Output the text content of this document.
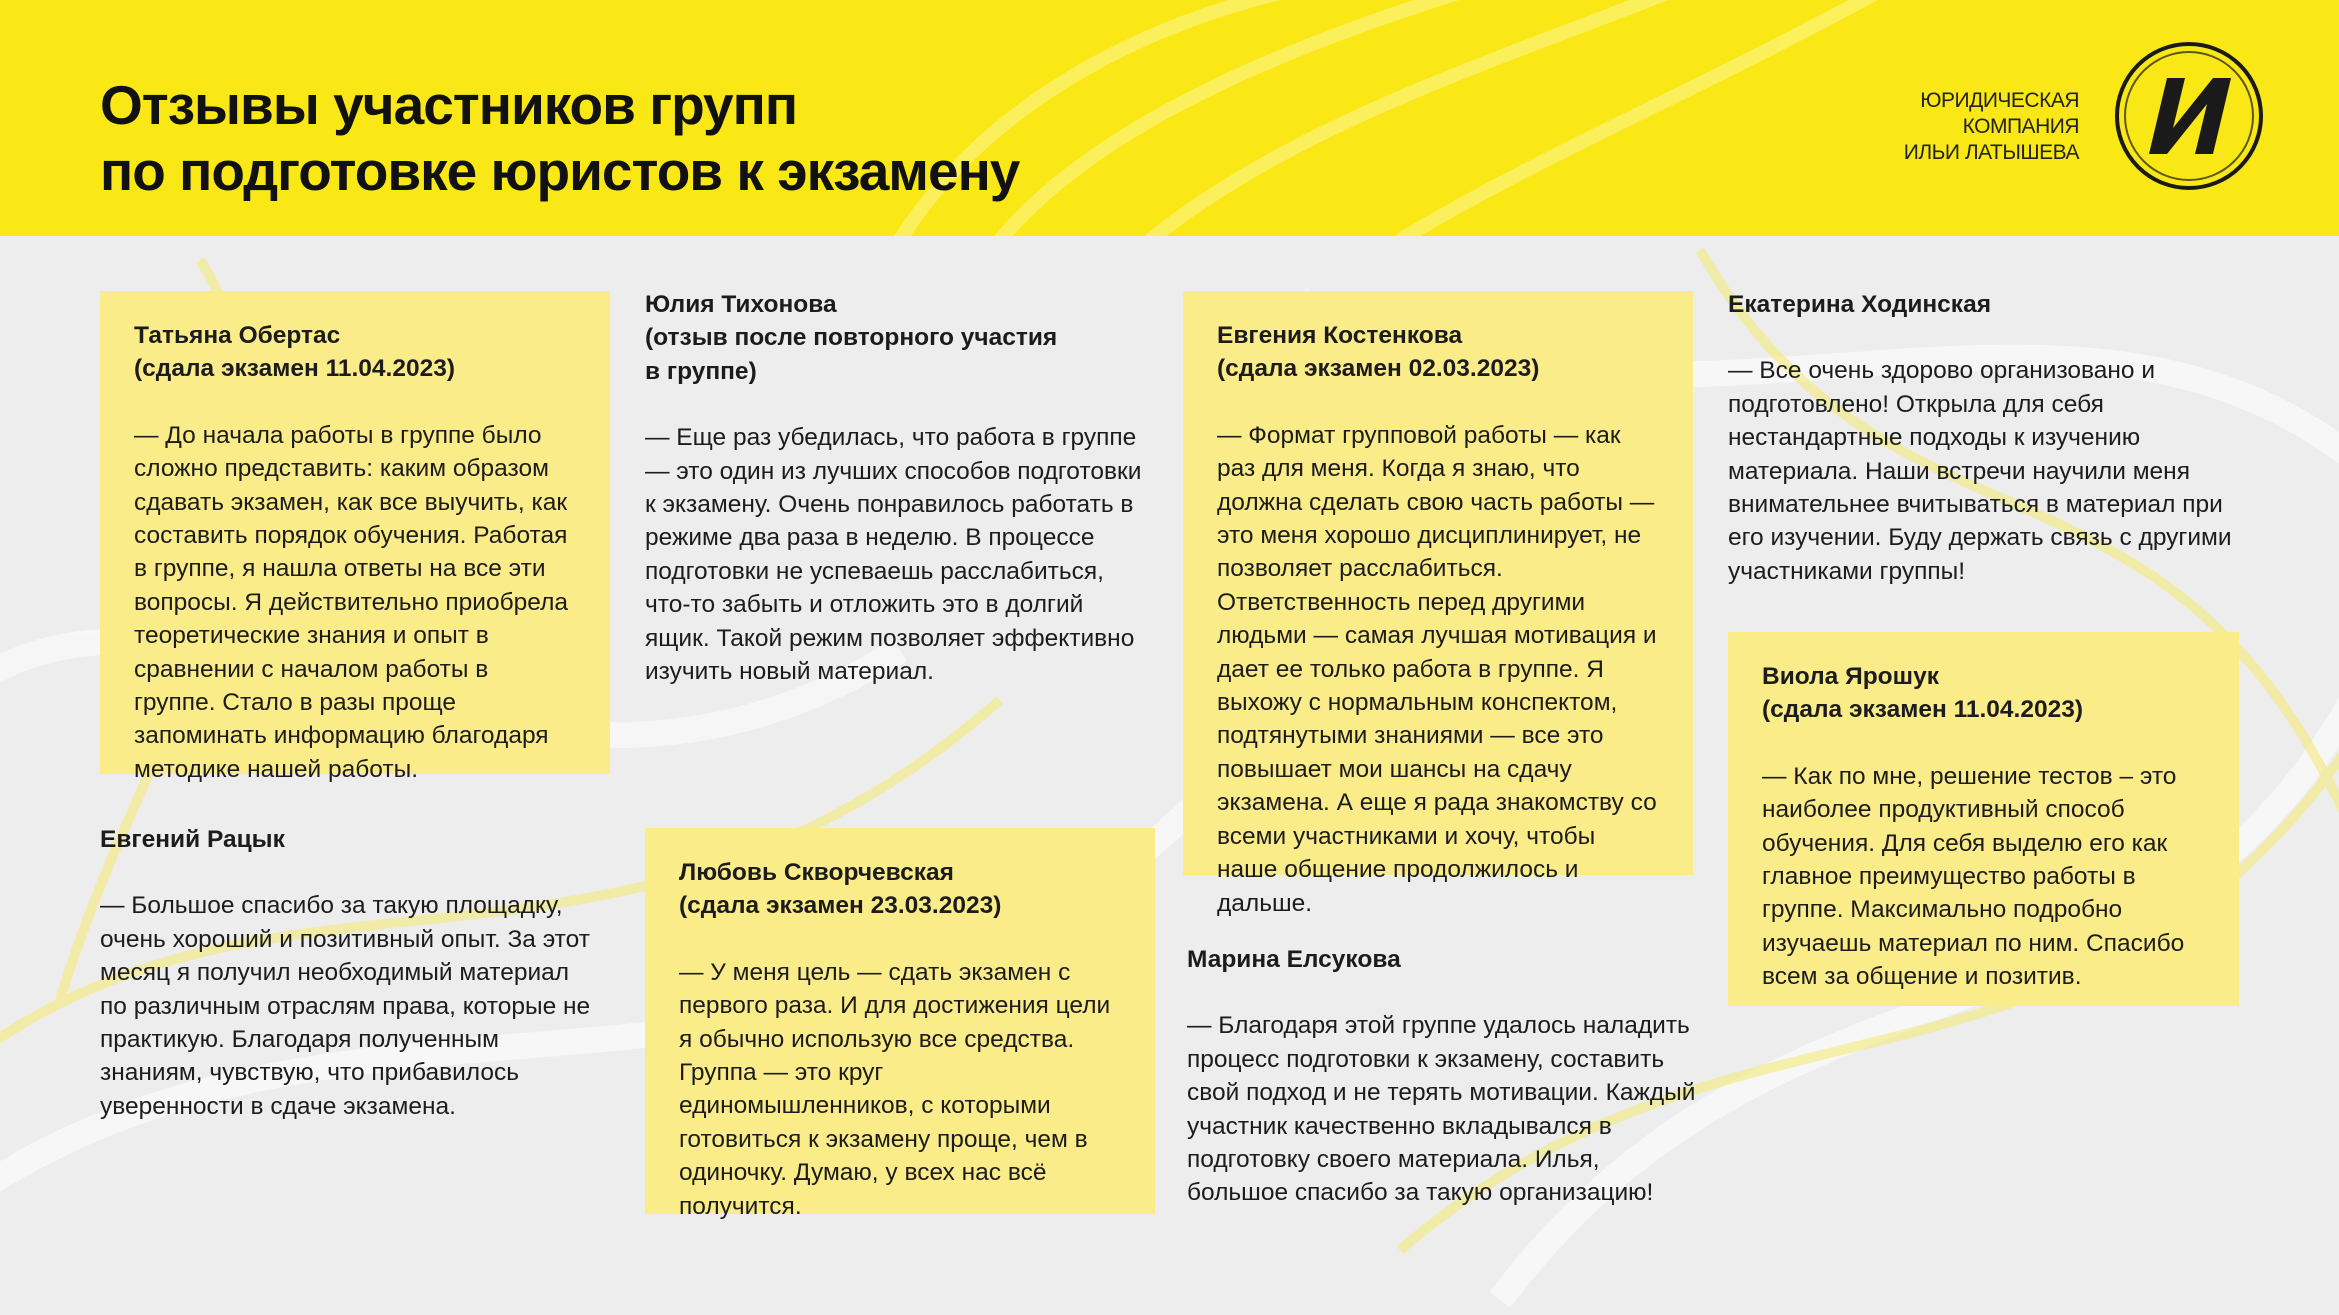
Отзывы участников групп
по подготовке юристов к экзамену
ЮРИДИЧЕСКАЯ
КОМПАНИЯ
ИЛЬИ ЛАТЫШЕВА
Татьяна Обертас
(сдала экзамен 11.04.2023)

— До начала работы в группе было сложно представить: каким образом сдавать экзамен, как все выучить, как составить порядок обучения. Работая в группе, я нашла ответы на все эти вопросы. Я действительно приобрела теоретические знания и опыт в сравнении с началом работы в группе. Стало в разы проще запоминать информацию благодаря методике нашей работы.

Евгений Рацык

— Большое спасибо за такую площадку, очень хороший и позитивный опыт. За этот месяц я получил необходимый материал по различным отраслям права, которые не практикую. Благодаря полученным знаниям, чувствую, что прибавилось уверенности в сдаче экзамена.

Юлия Тихонова
(отзыв после повторного участия
в группе)

— Еще раз убедилась, что работа в группе — это один из лучших способов подготовки к экзамену. Очень понравилось работать в режиме два раза в неделю. В процессе подготовки не успеваешь расслабиться, что-то забыть и отложить это в долгий ящик. Такой режим позволяет эффективно изучить новый материал.

Любовь Скворчевская
(сдала экзамен 23.03.2023)

— У меня цель — сдать экзамен с первого раза. И для достижения цели я обычно использую все средства. Группа — это круг единомышленников, с которыми готовиться к экзамену проще, чем в одиночку. Думаю, у всех нас всё получится.

Евгения Костенкова
(сдала экзамен 02.03.2023)

— Формат групповой работы — как раз для меня. Когда я знаю, что должна сделать свою часть работы — это меня хорошо дисциплинирует, не позволяет расслабиться. Ответственность перед другими людьми — самая лучшая мотивация и дает ее только работа в группе. Я выхожу с нормальным конспектом, подтянутыми знаниями — все это повышает мои шансы на сдачу экзамена. А еще я рада знакомству со всеми участниками и хочу, чтобы наше общение продолжилось и дальше.

Марина Елсукова

— Благодаря этой группе удалось наладить процесс подготовки к экзамену, составить свой подход и не терять мотивации. Каждый участник качественно вкладывался в подготовку своего материала. Илья, большое спасибо за такую организацию!

Екатерина Ходинская

— Все очень здорово организовано и подготовлено! Открыла для себя нестандартные подходы к изучению материала. Наши встречи научили меня внимательнее вчитываться в материал при его изучении. Буду держать связь с другими участниками группы!

Виола Ярошук
(сдала экзамен 11.04.2023)

— Как по мне, решение тестов – это наиболее продуктивный способ обучения. Для себя выделю его как главное преимущество работы в группе. Максимально подробно изучаешь материал по ним. Спасибо всем за общение и позитив.
